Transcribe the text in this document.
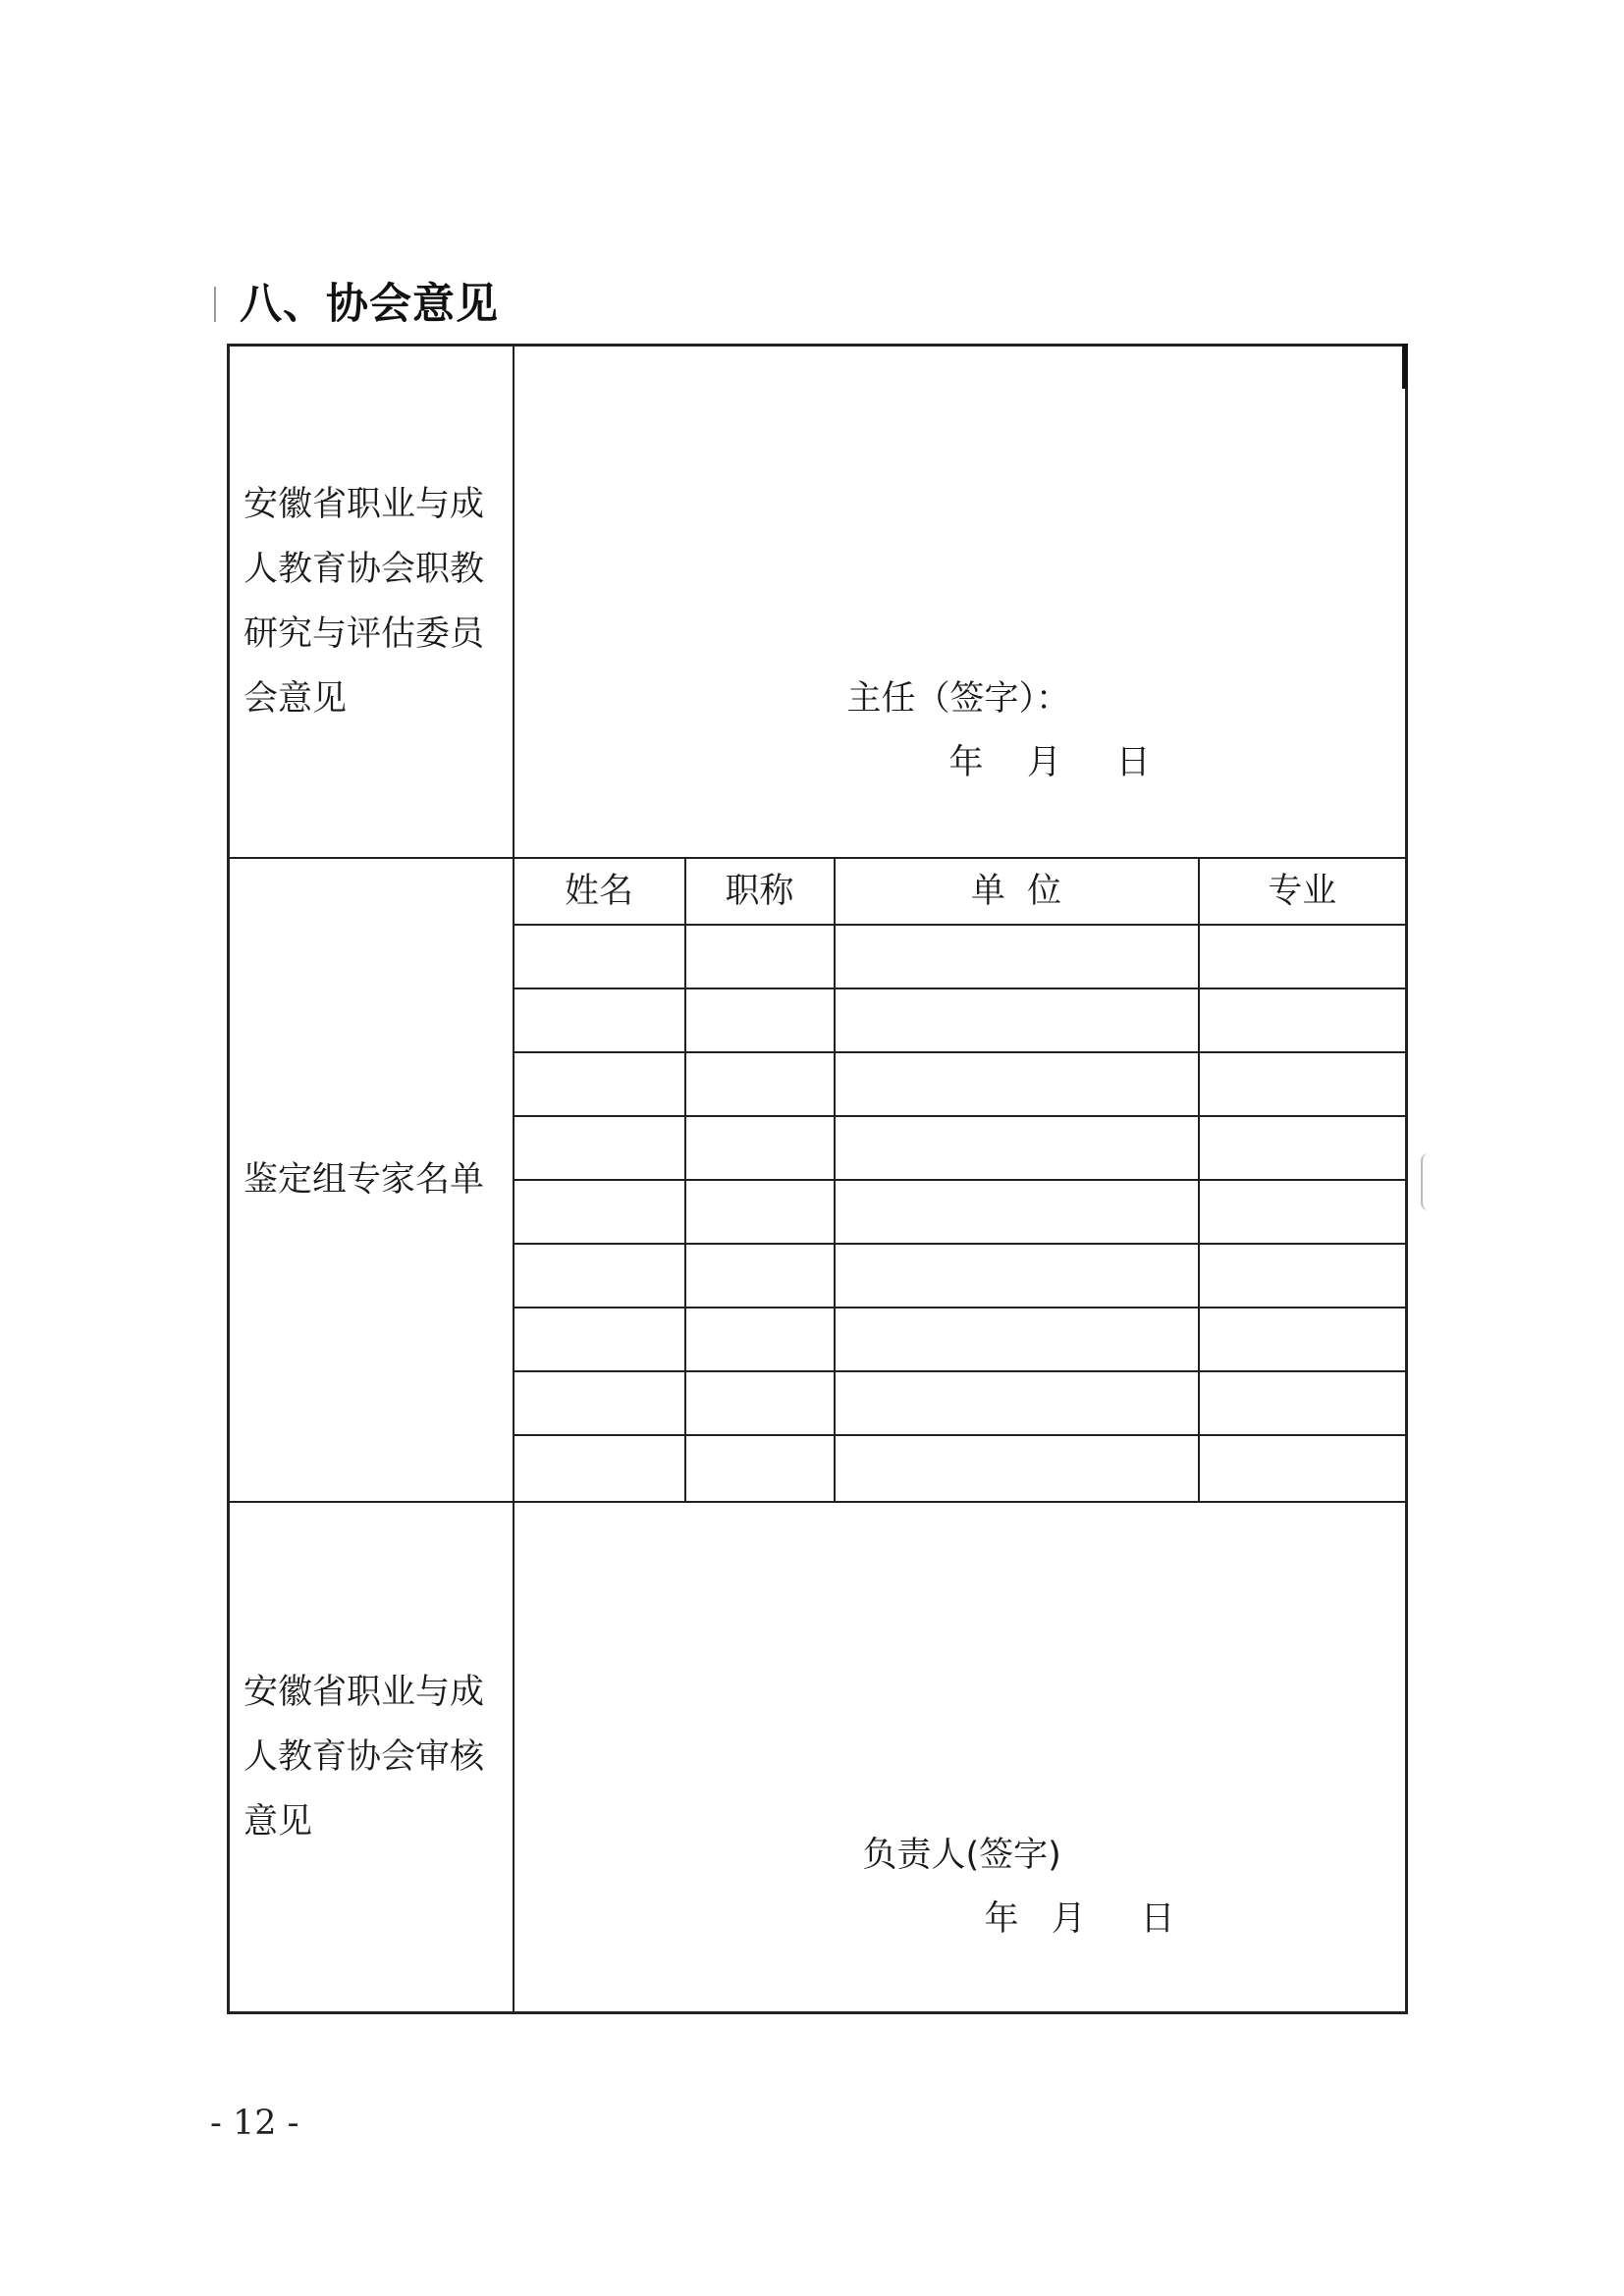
八、协会意见
安徽省职业与成人教育协会职教研究与评估委员会意见	主任（签字）：
年    月     日			

鉴定组专家名单	姓名	职称	单  位	专业

安徽省职业与成人教育协会审核意见	负责人(签字)
年   月     日			
- 12 -
